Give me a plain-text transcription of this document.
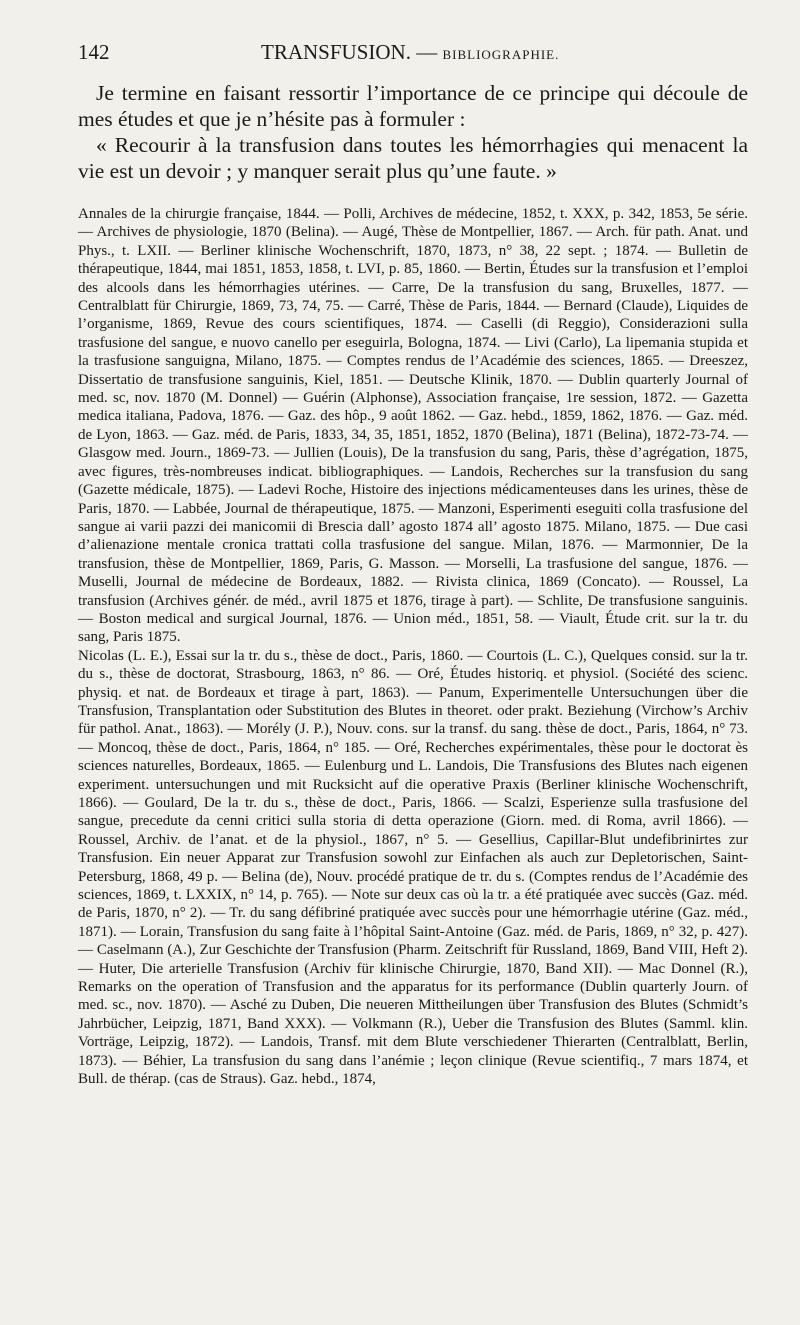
142	TRANSFUSION. — BIBLIOGRAPHIE.

Je termine en faisant ressortir l’importance de ce principe qui découle de mes études et que je n’hésite pas à formuler :

« Recourir à la transfusion dans toutes les hémorrhagies qui menacent la vie est un devoir ; y manquer serait plus qu’une faute. »

Annales de la chirurgie française, 1844. — Polli, Archives de médecine, 1852, t. XXX, p. 342, 1853, 5e série. — Archives de physiologie, 1870 (Belina). — Augé, Thèse de Montpellier, 1867. — Arch. für path. Anat. und Phys., t. LXII. — Berliner klinische Wochenschrift, 1870, 1873, n° 38, 22 sept. ; 1874. — Bulletin de thérapeutique, 1844, mai 1851, 1853, 1858, t. LVI, p. 85, 1860. — Bertin, Études sur la transfusion et l’emploi des alcools dans les hémorrhagies utérines. — Carre, De la transfusion du sang, Bruxelles, 1877. — Centralblatt für Chirurgie, 1869, 73, 74, 75. — Carré, Thèse de Paris, 1844. — Bernard (Claude), Liquides de l’organisme, 1869, Revue des cours scientifiques, 1874. — Caselli (di Reggio), Considerazioni sulla trasfusione del sangue, e nuovo canello per eseguirla, Bologna, 1874. — Livi (Carlo), La lipemania stupida et la trasfusione sanguigna, Milano, 1875. — Comptes rendus de l’Académie des sciences, 1865. — Dreeszez, Dissertatio de transfusione sanguinis, Kiel, 1851. — Deutsche Klinik, 1870. — Dublin quarterly Journal of med. sc, nov. 1870 (M. Donnel) — Guérin (Alphonse), Association française, 1re session, 1872. — Gazetta medica italiana, Padova, 1876. — Gaz. des hôp., 9 août 1862. — Gaz. hebd., 1859, 1862, 1876. — Gaz. méd. de Lyon, 1863. — Gaz. méd. de Paris, 1833, 34, 35, 1851, 1852, 1870 (Belina), 1871 (Belina), 1872-73-74. — Glasgow med. Journ., 1869-73. — Jullien (Louis), De la transfusion du sang, Paris, thèse d’agrégation, 1875, avec figures, très-nombreuses indicat. bibliographiques. — Landois, Recherches sur la transfusion du sang (Gazette médicale, 1875). — Ladevi Roche, Histoire des injections médicamenteuses dans les urines, thèse de Paris, 1870. — Labbée, Journal de thérapeutique, 1875. — Manzoni, Esperimenti eseguiti colla trasfusione del sangue ai varii pazzi dei manicomii di Brescia dall’ agosto 1874 all’ agosto 1875. Milano, 1875. — Due casi d’alienazione mentale cronica trattati colla trasfusione del sangue. Milan, 1876. — Marmonnier, De la transfusion, thèse de Montpellier, 1869, Paris, G. Masson. — Morselli, La trasfusione del sangue, 1876. — Muselli, Journal de médecine de Bordeaux, 1882. — Rivista clinica, 1869 (Concato). — Roussel, La transfusion (Archives génér. de méd., avril 1875 et 1876, tirage à part). — Schlite, De transfusione sanguinis. — Boston medical and surgical Journal, 1876. — Union méd., 1851, 58. — Viault, Étude crit. sur la tr. du sang, Paris 1875.

Nicolas (L. E.), Essai sur la tr. du s., thèse de doct., Paris, 1860. — Courtois (L. C.), Quelques consid. sur la tr. du s., thèse de doctorat, Strasbourg, 1863, n° 86. — Oré, Études historiq. et physiol. (Société des scienc. physiq. et nat. de Bordeaux et tirage à part, 1863). — Panum, Experimentelle Untersuchungen über die Transfusion, Transplantation oder Substitution des Blutes in theoret. oder prakt. Beziehung (Virchow’s Archiv für pathol. Anat., 1863). — Morély (J. P.), Nouv. cons. sur la transf. du sang. thèse de doct., Paris, 1864, n° 73. — Moncoq, thèse de doct., Paris, 1864, n° 185. — Oré, Recherches expérimentales, thèse pour le doctorat ès sciences naturelles, Bordeaux, 1865. — Eulenburg und L. Landois, Die Transfusions des Blutes nach eigenen experiment. untersuchungen und mit Rucksicht auf die operative Praxis (Berliner klinische Wochenschrift, 1866). — Goulard, De la tr. du s., thèse de doct., Paris, 1866. — Scalzi, Esperienze sulla trasfusione del sangue, precedute da cenni critici sulla storia di detta operazione (Giorn. med. di Roma, avril 1866). — Roussel, Archiv. de l’anat. et de la physiol., 1867, n° 5. — Gesellius, Capillar-Blut undefibrinirtes zur Transfusion. Ein neuer Apparat zur Transfusion sowohl zur Einfachen als auch zur Depletorischen, Saint-Petersburg, 1868, 49 p. — Belina (de), Nouv. procédé pratique de tr. du s. (Comptes rendus de l’Académie des sciences, 1869, t. LXXIX, n° 14, p. 765). — Note sur deux cas où la tr. a été pratiquée avec succès (Gaz. méd. de Paris, 1870, n° 2). — Tr. du sang défibriné pratiquée avec succès pour une hémorrhagie utérine (Gaz. méd., 1871). — Lorain, Transfusion du sang faite à l’hôpital Saint-Antoine (Gaz. méd. de Paris, 1869, n° 32, p. 427). — Caselmann (A.), Zur Geschichte der Transfusion (Pharm. Zeitschrift für Russland, 1869, Band VIII, Heft 2). — Huter, Die arterielle Transfusion (Archiv für klinische Chirurgie, 1870, Band XII). — Mac Donnel (R.), Remarks on the operation of Transfusion and the apparatus for its performance (Dublin quarterly Journ. of med. sc., nov. 1870). — Asché zu Duben, Die neueren Mittheilungen über Transfusion des Blutes (Schmidt’s Jahrbücher, Leipzig, 1871, Band XXX). — Volkmann (R.), Ueber die Transfusion des Blutes (Samml. klin. Vorträge, Leipzig, 1872). — Landois, Transf. mit dem Blute verschiedener Thierarten (Centralblatt, Berlin, 1873). — Béhier, La transfusion du sang dans l’anémie ; leçon clinique (Revue scientifiq., 7 mars 1874, et Bull. de thérap. (cas de Straus). Gaz. hebd., 1874,
